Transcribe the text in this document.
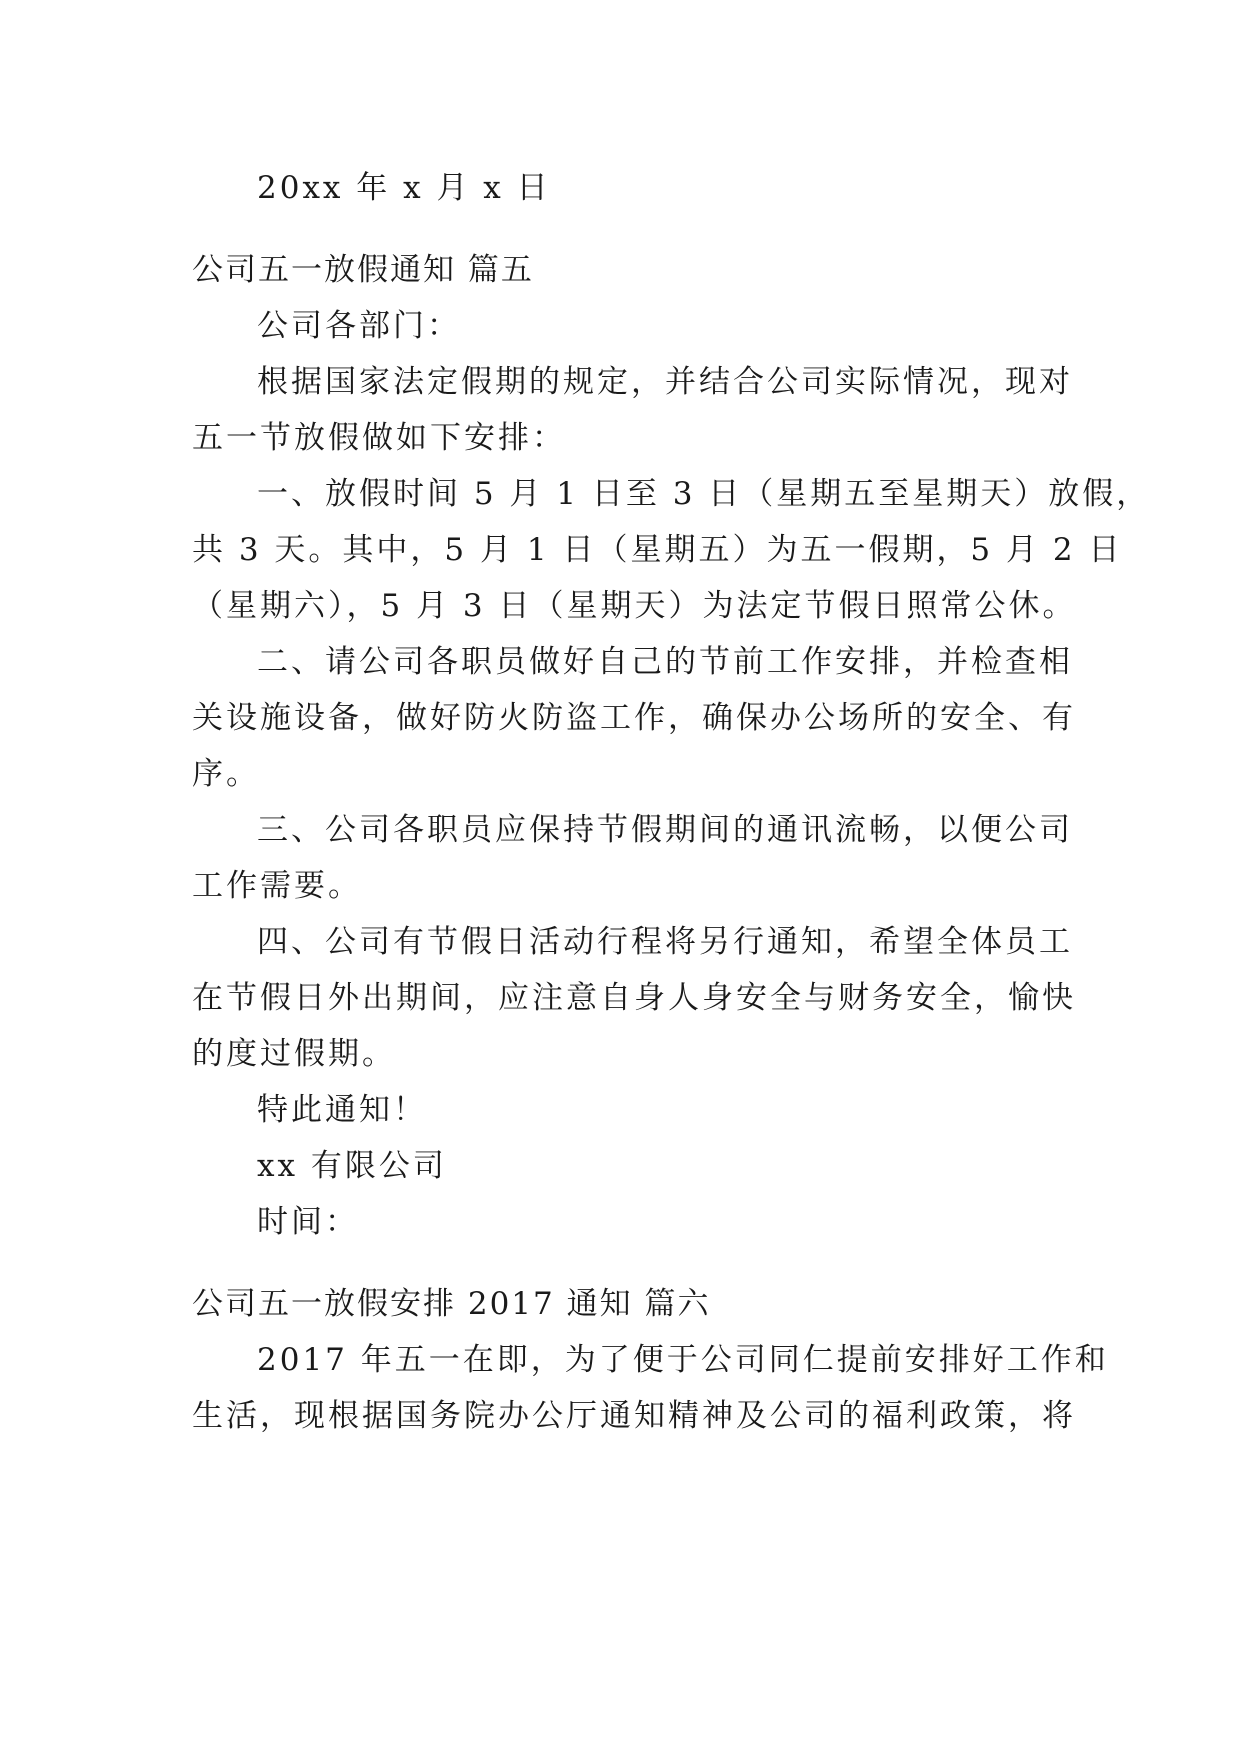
20xx 年 x 月 x 日
公司五一放假通知 篇五
公司各部门：
根据国家法定假期的规定，并结合公司实际情况，现对
五一节放假做如下安排：
一、放假时间 5 月 1 日至 3 日（星期五至星期天）放假，
共 3 天。其中，5 月 1 日（星期五）为五一假期，5 月 2 日
（星期六），5 月 3 日（星期天）为法定节假日照常公休。
二、请公司各职员做好自己的节前工作安排，并检查相
关设施设备，做好防火防盗工作，确保办公场所的安全、有
序。
三、公司各职员应保持节假期间的通讯流畅，以便公司
工作需要。
四、公司有节假日活动行程将另行通知，希望全体员工
在节假日外出期间，应注意自身人身安全与财务安全，愉快
的度过假期。
特此通知！
xx 有限公司
时间：
公司五一放假安排 2017 通知 篇六
2017 年五一在即，为了便于公司同仁提前安排好工作和
生活，现根据国务院办公厅通知精神及公司的福利政策，将
